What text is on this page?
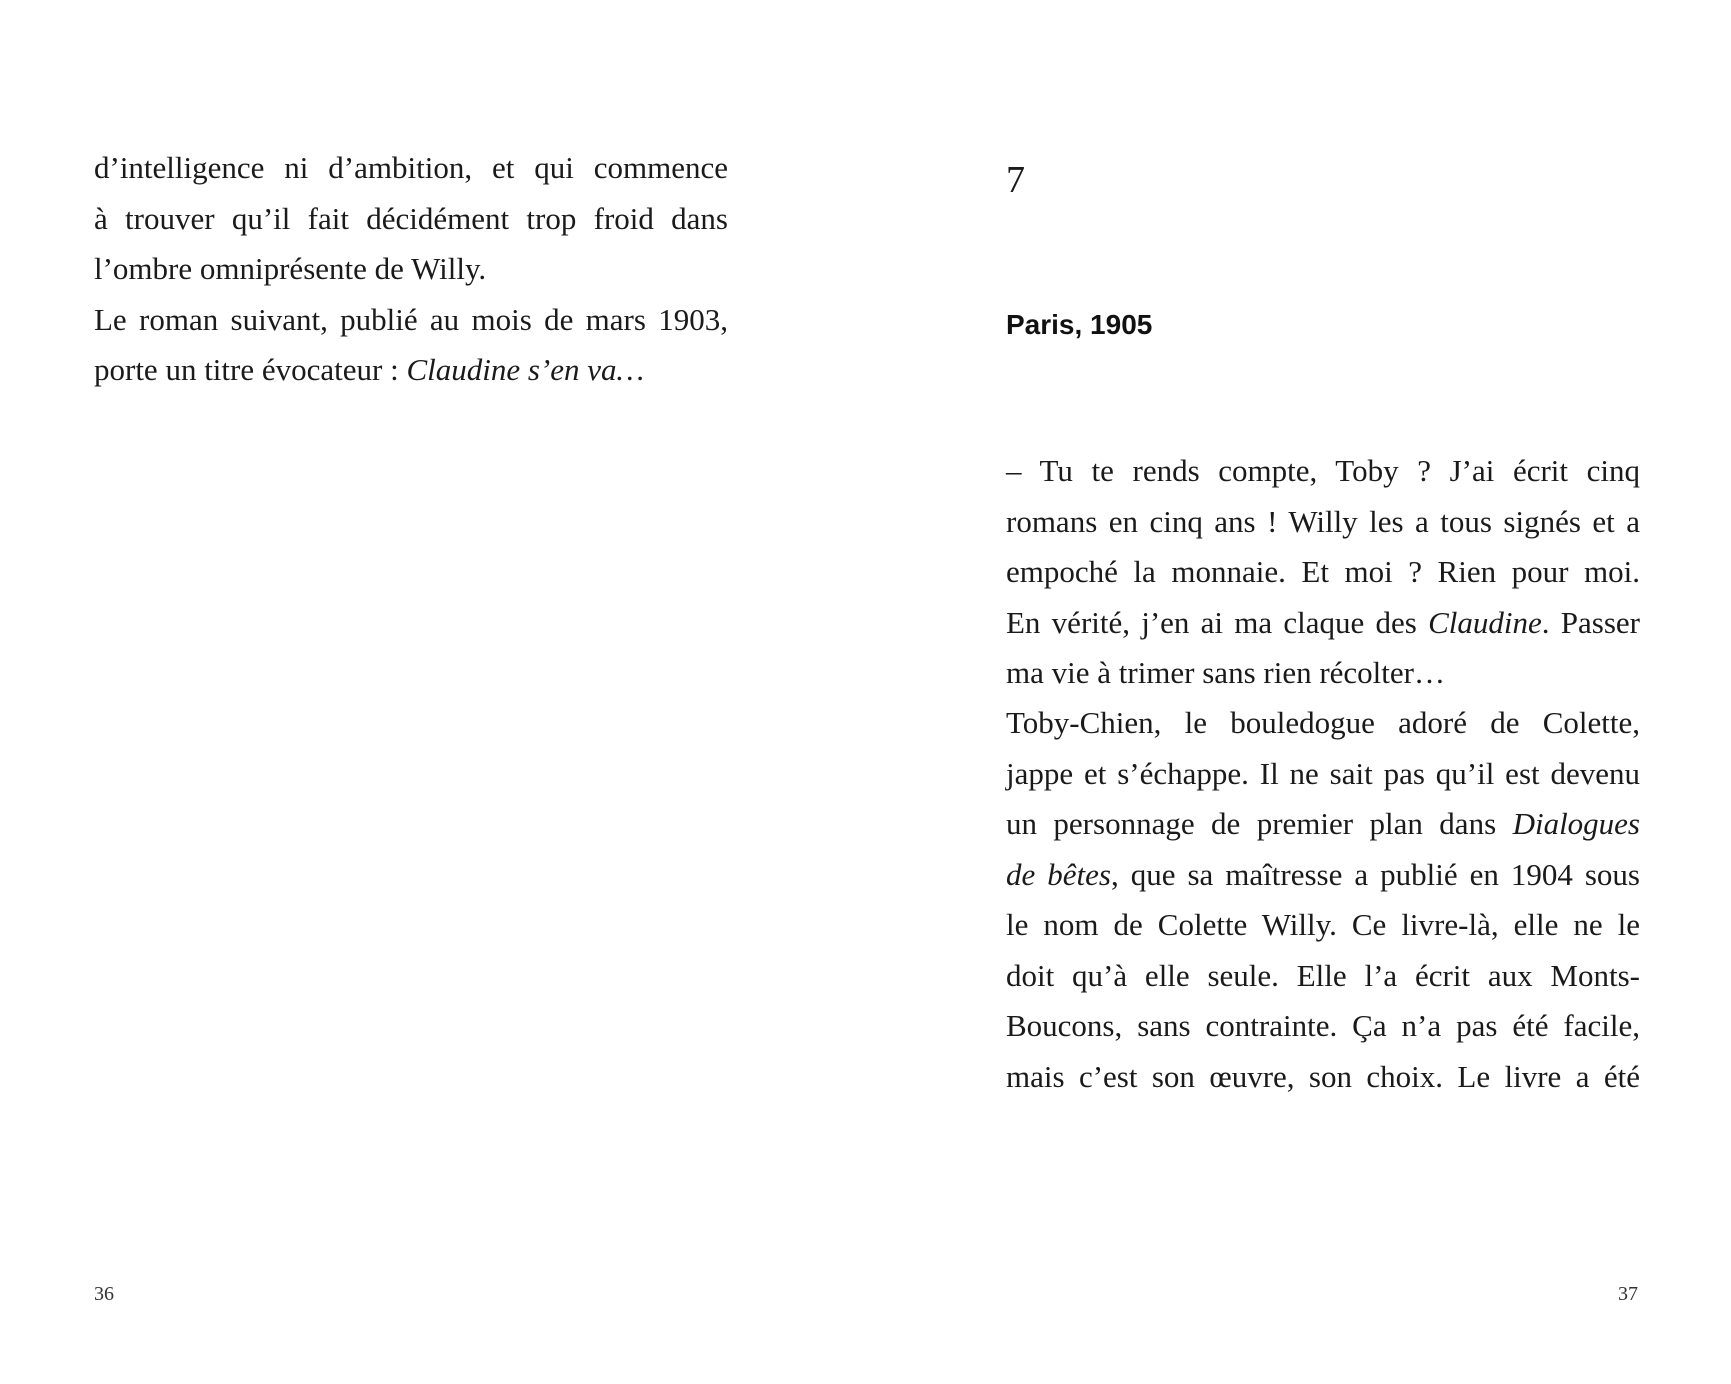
d’intelligence ni d’ambition, et qui commence
à trouver qu’il fait décidément trop froid dans
l’ombre omniprésente de Willy.
Le roman suivant, publié au mois de mars 1903,
porte un titre évocateur : Claudine s’en va…
36
7
Paris, 1905
– Tu te rends compte, Toby ? J’ai écrit cinq
romans en cinq ans ! Willy les a tous signés et a
empoché la monnaie. Et moi ? Rien pour moi.
En vérité, j’en ai ma claque des Claudine. Passer
ma vie à trimer sans rien récolter…
Toby-Chien, le bouledogue adoré de Colette,
jappe et s’échappe. Il ne sait pas qu’il est devenu
un personnage de premier plan dans Dialogues
de bêtes, que sa maîtresse a publié en 1904 sous
le nom de Colette Willy. Ce livre-là, elle ne le
doit qu’à elle seule. Elle l’a écrit aux Monts-
Boucons, sans contrainte. Ça n’a pas été facile,
mais c’est son œuvre, son choix. Le livre a été
37
